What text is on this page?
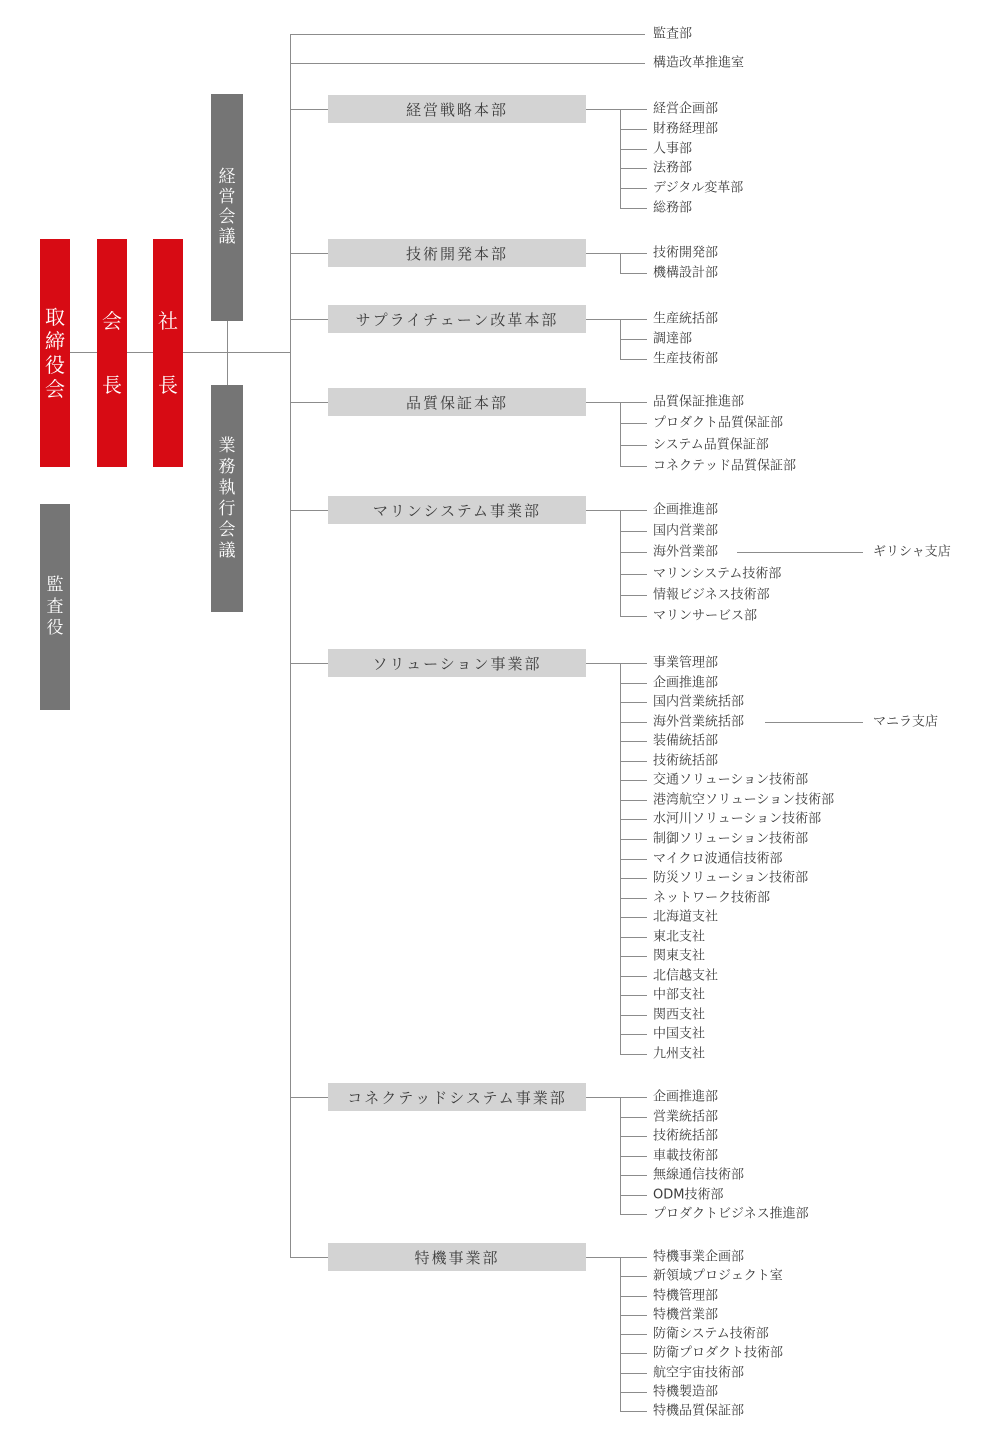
監査部
構造改革推進室
経営戦略本部	経営企画部
財務経理部
人事部
法務部
デジタル変革部
総務部
技術開発本部	技術開発部
機構設計部
サプライチェーン改革本部	生産統括部
調達部
生産技術部
品質保証本部	品質保証推進部
プロダクト品質保証部
システム品質保証部
コネクテッド品質保証部
マリンシステム事業部	企画推進部
国内営業部
海外営業部	ギリシャ支店
マリンシステム技術部
情報ビジネス技術部
マリンサービス部
ソリューション事業部	事業管理部
企画推進部
国内営業統括部
海外営業統括部	マニラ支店
装備統括部
技術統括部
交通ソリューション技術部
港湾航空ソリューション技術部
水河川ソリューション技術部
制御ソリューション技術部
マイクロ波通信技術部
防災ソリューション技術部
ネットワーク技術部
北海道支社
東北支社
関東支社
北信越支社
中部支社
関西支社
中国支社
九州支社
コネクテッドシステム事業部	企画推進部
営業統括部
技術統括部
車載技術部
無線通信技術部
ODM技術部
プロダクトビジネス推進部
特機事業部	特機事業企画部
新領域プロジェクト室
特機管理部
特機営業部
防衛システム技術部
防衛プロダクト技術部
航空宇宙技術部
特機製造部
特機品質保証部
取
締
役
会
会
長
社
長
監
査
役
経
営
会
議
業
務
執
行
会
議
